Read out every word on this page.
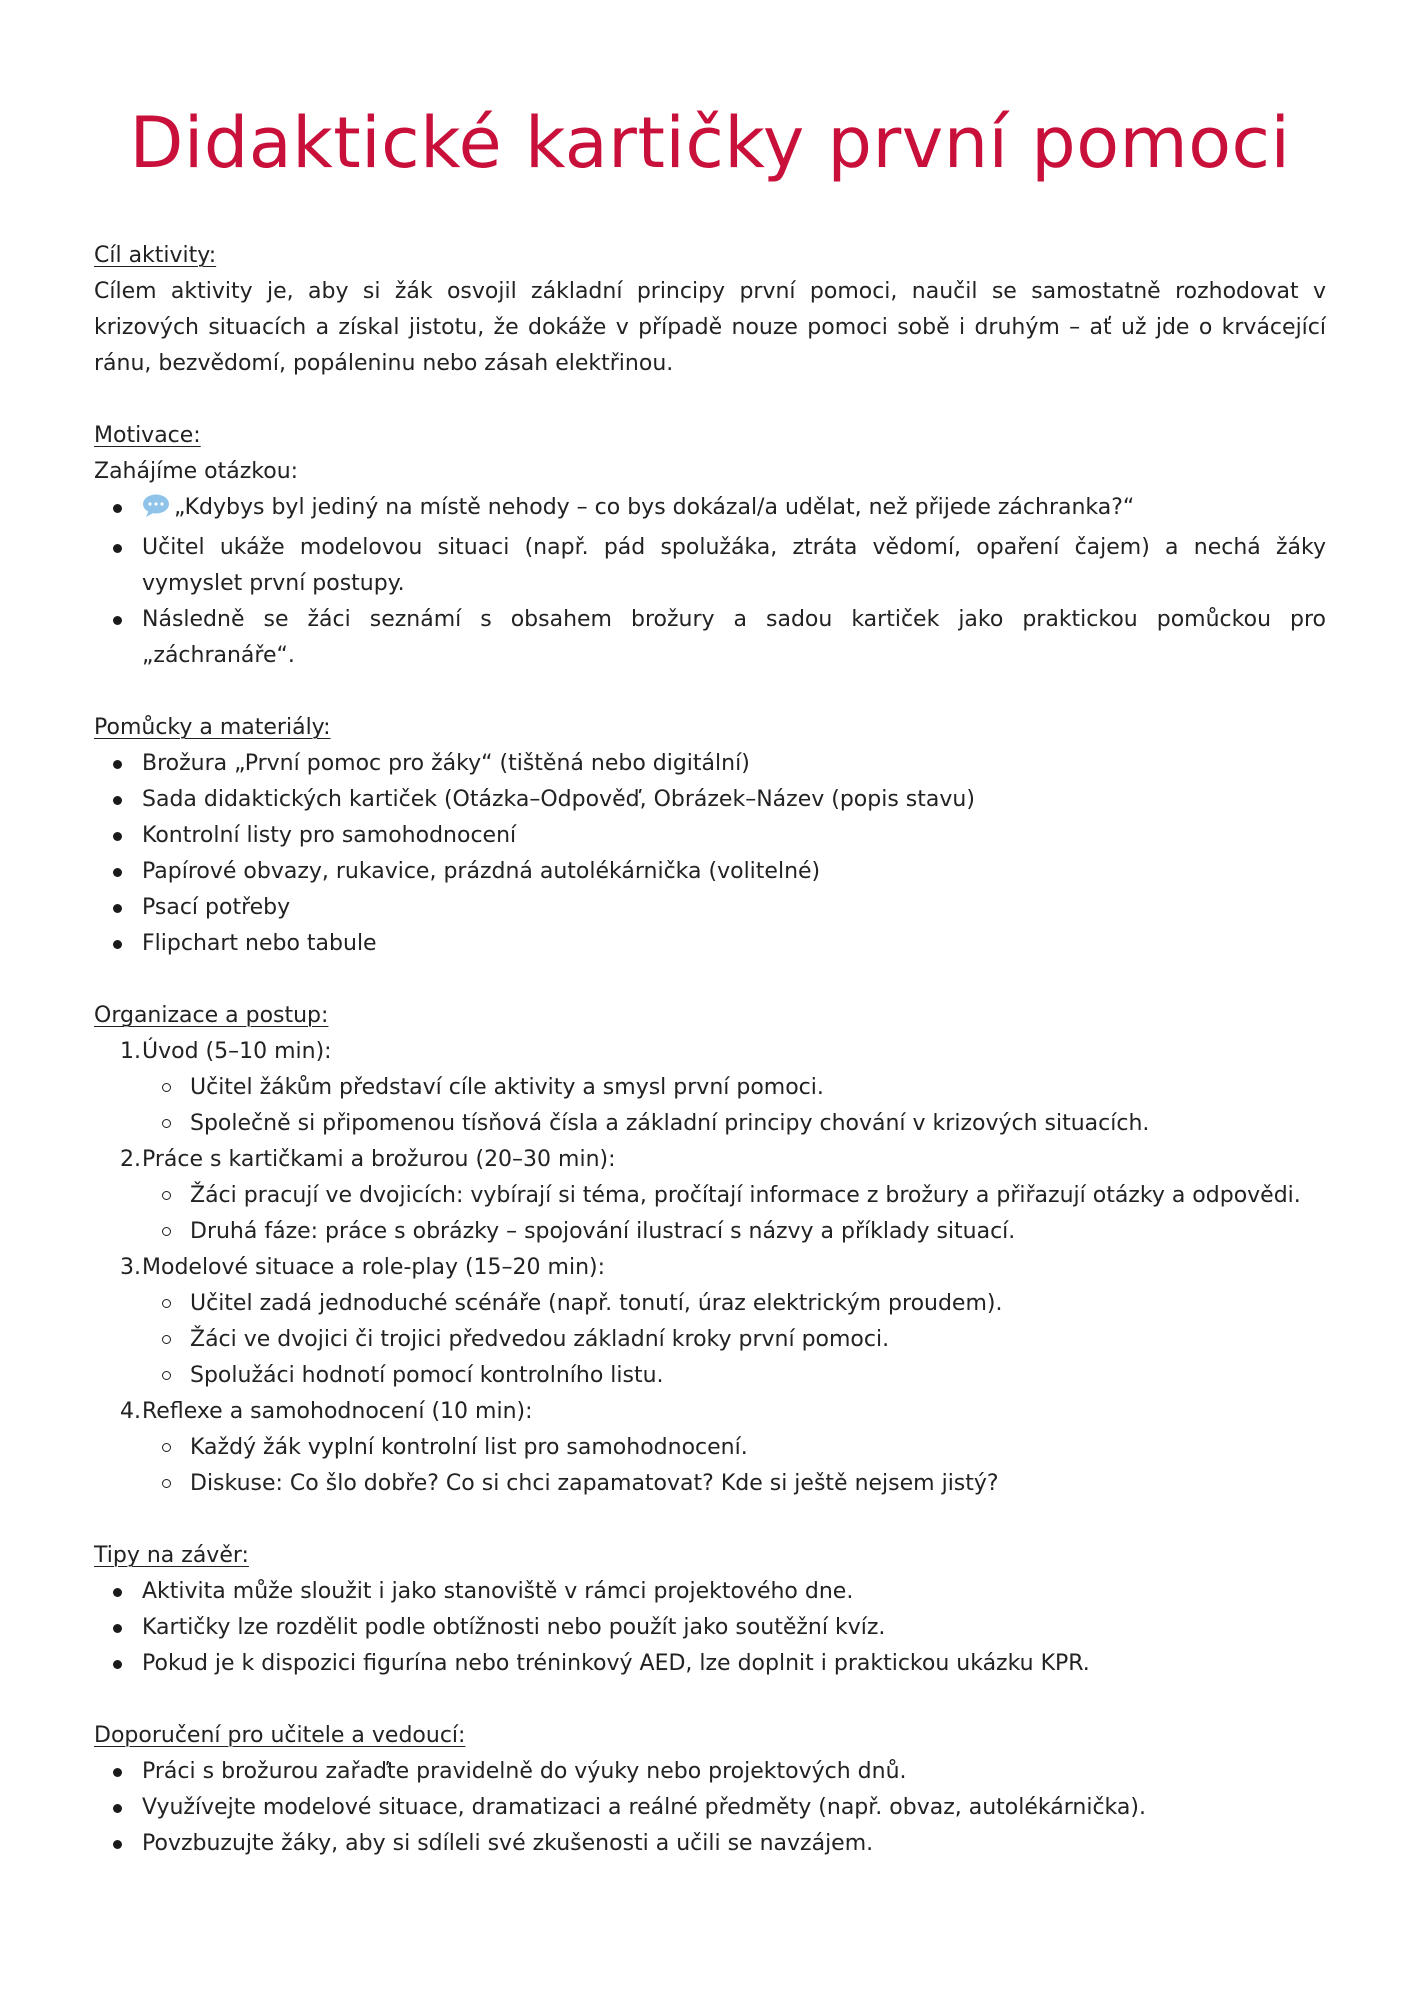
Didaktické kartičky první pomoci
Cíl aktivity:

Cílem aktivity je, aby si žák osvojil základní principy první pomoci, naučil se samostatně rozhodovat v krizových situacích a získal jistotu, že dokáže v případě nouze pomoci sobě i druhým – ať už jde o krvácející ránu, bezvědomí, popáleninu nebo zásah elektřinou.

Motivace:

Zahájíme otázkou:

„Kdybys byl jediný na místě nehody – co bys dokázal/a udělat, než přijede záchranka?“
Učitel ukáže modelovou situaci (např. pád spolužáka, ztráta vědomí, opaření čajem) a nechá žáky vymyslet první postupy.
Následně se žáci seznámí s obsahem brožury a sadou kartiček jako praktickou pomůckou pro „záchranáře“.
Pomůcky a materiály:
Brožura „První pomoc pro žáky“ (tištěná nebo digitální)
Sada didaktických kartiček (Otázka–Odpověď, Obrázek–Název (popis stavu)
Kontrolní listy pro samohodnocení
Papírové obvazy, rukavice, prázdná autolékárnička (volitelné)
Psací potřeby
Flipchart nebo tabule
Organizace a postup:
1. Úvod (5–10 min):
Učitel žákům představí cíle aktivity a smysl první pomoci.
Společně si připomenou tísňová čísla a základní principy chování v krizových situacích.
2. Práce s kartičkami a brožurou (20–30 min):
Žáci pracují ve dvojicích: vybírají si téma, pročítají informace z brožury a přiřazují otázky a odpovědi.
Druhá fáze: práce s obrázky – spojování ilustrací s názvy a příklady situací.
3. Modelové situace a role-play (15–20 min):
Učitel zadá jednoduché scénáře (např. tonutí, úraz elektrickým proudem).
Žáci ve dvojici či trojici předvedou základní kroky první pomoci.
Spolužáci hodnotí pomocí kontrolního listu.
4. Reflexe a samohodnocení (10 min):
Každý žák vyplní kontrolní list pro samohodnocení.
Diskuse: Co šlo dobře? Co si chci zapamatovat? Kde si ještě nejsem jistý?
Tipy na závěr:
Aktivita může sloužit i jako stanoviště v rámci projektového dne.
Kartičky lze rozdělit podle obtížnosti nebo použít jako soutěžní kvíz.
Pokud je k dispozici figurína nebo tréninkový AED, lze doplnit i praktickou ukázku KPR.
Doporučení pro učitele a vedoucí:
Práci s brožurou zařaďte pravidelně do výuky nebo projektových dnů.
Využívejte modelové situace, dramatizaci a reálné předměty (např. obvaz, autolékárnička).
Povzbuzujte žáky, aby si sdíleli své zkušenosti a učili se navzájem.
